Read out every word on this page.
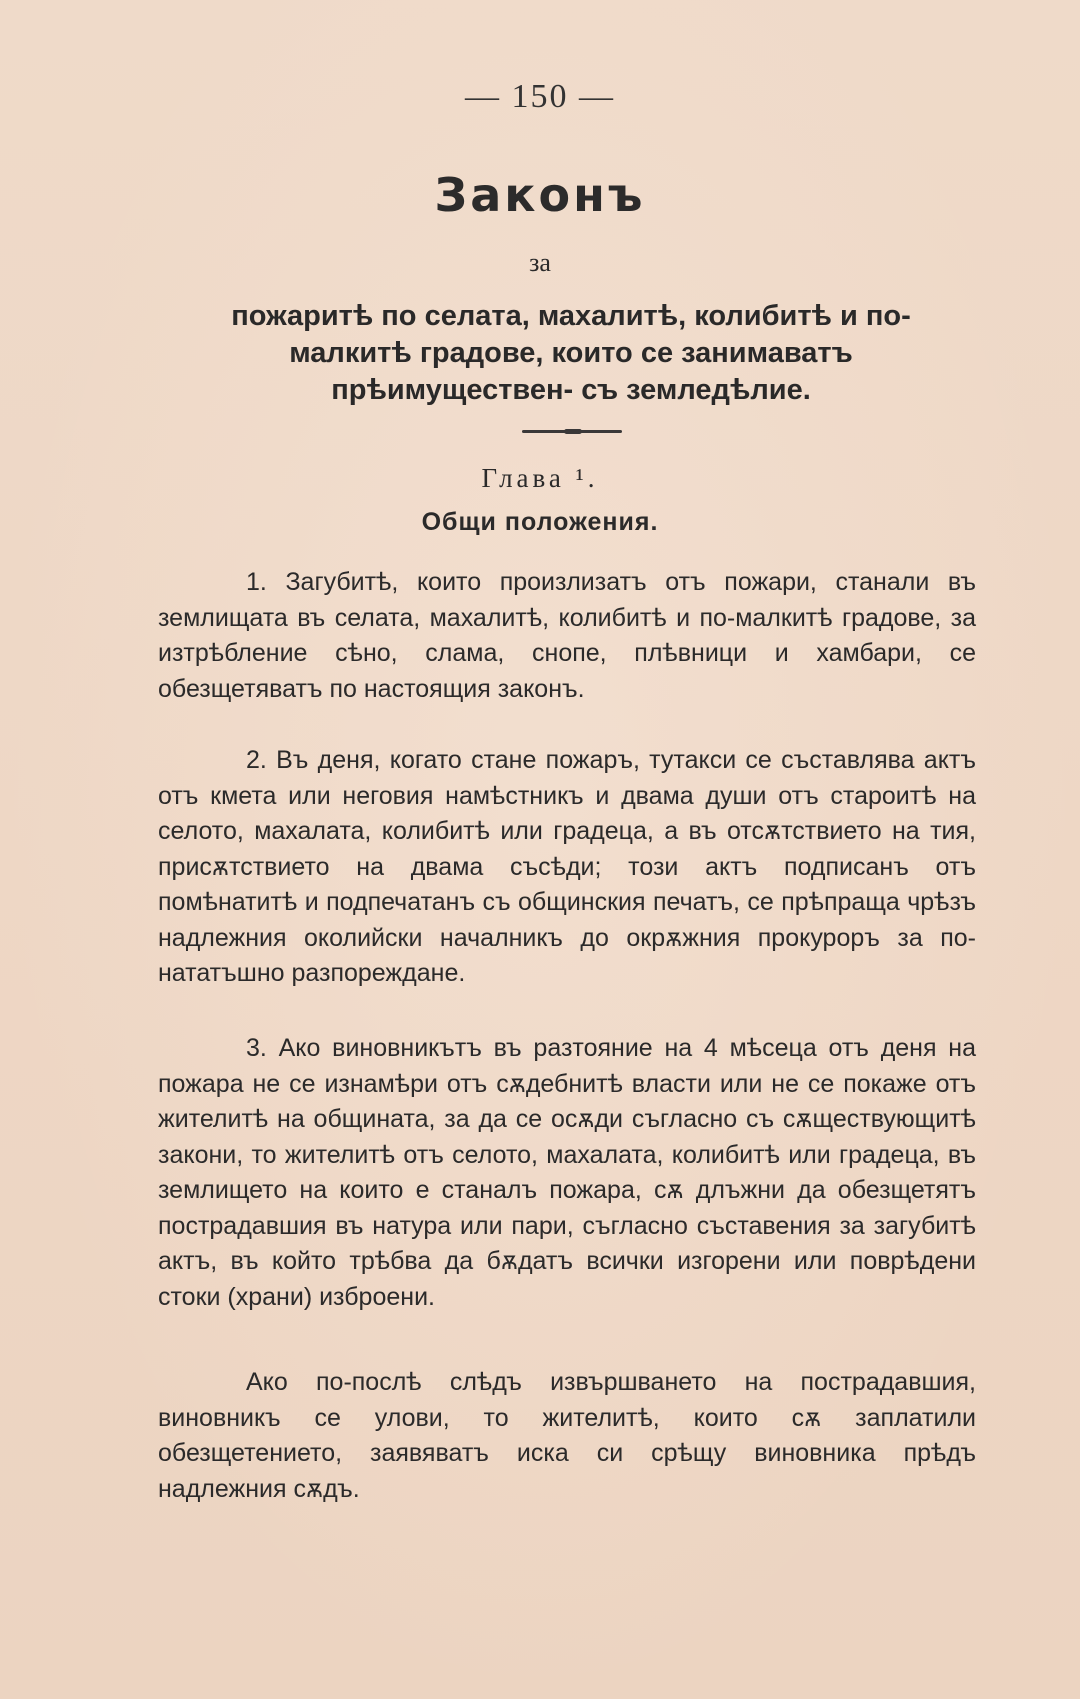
— 150 —
Законъ
за
пожаритѣ по селата, махалитѣ, колибитѣ и по-малкитѣ градове, които се занимаватъ прѣимуществен- съ земледѣлие.
Глава ¹.
Общи положения.

1. Загубитѣ, които произлизатъ отъ пожари, станали въ землищата въ селата, махалитѣ, колибитѣ и по-малкитѣ градове, за изтрѣбление сѣно, слама, снопе, плѣвници и хамбари, се обезщетяватъ по настоящия законъ.

2. Въ деня, когато стане пожаръ, тутакси се съставлява актъ отъ кмета или неговия намѣстникъ и двама души отъ староитѣ на селото, махалата, колибитѣ или градеца, а въ отсѫтствието на тия, присѫтствието на двама съсѣди; този актъ подписанъ отъ помѣнатитѣ и подпечатанъ съ общинския печатъ, се прѣпраща чрѣзъ надлежния околийски началникъ до окрѫжния прокуроръ за по-нататъшно разпореждане.

3. Ако виновникътъ въ разтояние на 4 мѣсеца отъ деня на пожара не се изнамѣри отъ сѫдебнитѣ власти или не се покаже отъ жителитѣ на общината, за да се осѫди съгласно съ сѫществующитѣ закони, то жителитѣ отъ селото, махалата, колибитѣ или градеца, въ землището на които е станалъ пожара, сѫ длъжни да обезщетятъ пострадавшия въ натура или пари, съгласно съставения за загубитѣ актъ, въ който трѣбва да бѫдатъ всички изгорени или поврѣдени стоки (храни) изброени.

Ако по-послѣ слѣдъ извършването на пострадавшия, виновникъ се улови, то жителитѣ, които сѫ заплатили обезщетението, заявяватъ иска си срѣщу виновника прѣдъ надлежния сѫдъ.
